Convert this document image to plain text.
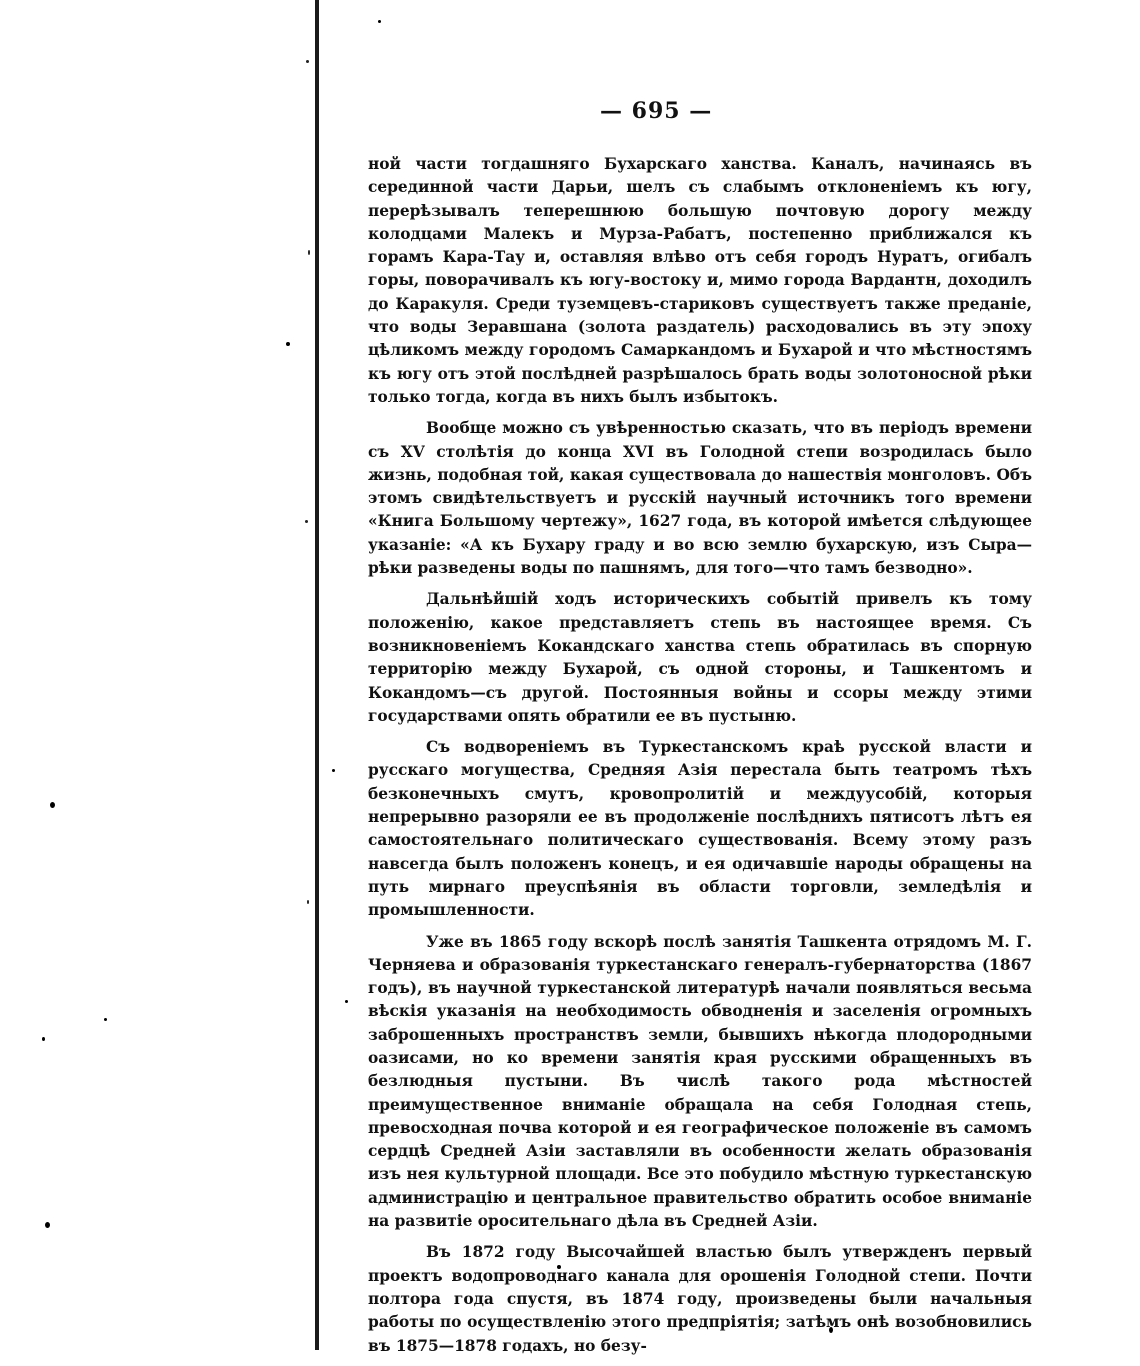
— 695 —

ной части тогдашняго Бухарскаго ханства. Каналъ, начинаясь въ серединной части Дарьи, шелъ съ слабымъ отклоненіемъ къ югу, перерѣзывалъ теперешнюю большую почтовую дорогу между колодцами Малекъ и Мурза-Рабатъ, постепенно приближался къ горамъ Кара-Тау и, оставляя влѣво отъ себя городъ Нуратъ, огибалъ горы, поворачивалъ къ югу-востоку и, мимо города Вардантн, доходилъ до Каракуля. Среди туземцевъ-стариковъ существуетъ также преданіе, что воды Зеравшана (золота раздатель) расходовались въ эту эпоху цѣликомъ между городомъ Самаркандомъ и Бухарой и что мѣстностямъ къ югу отъ этой послѣдней разрѣшалось брать воды золотоносной рѣки только тогда, когда въ нихъ былъ избытокъ.

Вообще можно съ увѣренностью сказать, что въ періодъ времени съ XV столѣтія до конца XVI въ Голодной степи возродилась было жизнь, подобная той, какая существовала до нашествія монголовъ. Объ этомъ свидѣтельствуетъ и русскій научный источникъ того времени «Книга Большому чертежу», 1627 года, въ которой имѣется слѣдующее указаніе: «А къ Бухару граду и во всю землю бухарскую, изъ Сыра—рѣки разведены воды по пашнямъ, для того—что тамъ безводно».

Дальнѣйшій ходъ историческихъ событій привелъ къ тому положенію, какое представляетъ степь въ настоящее время. Съ возникновеніемъ Кокандскаго ханства степь обратилась въ спорную территорію между Бухарой, съ одной стороны, и Ташкентомъ и Кокандомъ—съ другой. Постоянныя войны и ссоры между этими государствами опять обратили ее въ пустыню.

Съ водвореніемъ въ Туркестанскомъ краѣ русской власти и русскаго могущества, Средняя Азія перестала быть театромъ тѣхъ безконечныхъ смутъ, кровопролитій и междуусобій, которыя непрерывно разоряли ее въ продолженіе послѣднихъ пятисотъ лѣтъ ея самостоятельнаго политическаго существованія. Всему этому разъ навсегда былъ положенъ конецъ, и ея одичавшіе народы обращены на путь мирнаго преуспѣянія въ области торговли, земледѣлія и промышленности.

Уже въ 1865 году вскорѣ послѣ занятія Ташкента отрядомъ М. Г. Черняева и образованія туркестанскаго генералъ-губернаторства (1867 годъ), въ научной туркестанской литературѣ начали появляться весьма вѣскія указанія на необходимость обводненія и заселенія огромныхъ заброшенныхъ пространствъ земли, бывшихъ нѣкогда плодородными оазисами, но ко времени занятія края русскими обращенныхъ въ безлюдныя пустыни. Въ числѣ такого рода мѣстностей преимущественное вниманіе обращала на себя Голодная степь, превосходная почва которой и ея географическое положеніе въ самомъ сердцѣ Средней Азіи заставляли въ особенности желать образованія изъ нея культурной площади. Все это побудило мѣстную туркестанскую администрацію и центральное правительство обратить особое вниманіе на развитіе оросительнаго дѣла въ Средней Азіи.

Въ 1872 году Высочайшей властью былъ утвержденъ первый проектъ водопроводнаго канала для орошенія Голодной степи. Почти полтора года спустя, въ 1874 году, произведены были начальныя работы по осуществленію этого предпріятія; затѣмъ онѣ возобновились въ 1875—1878 годахъ, но безу-
